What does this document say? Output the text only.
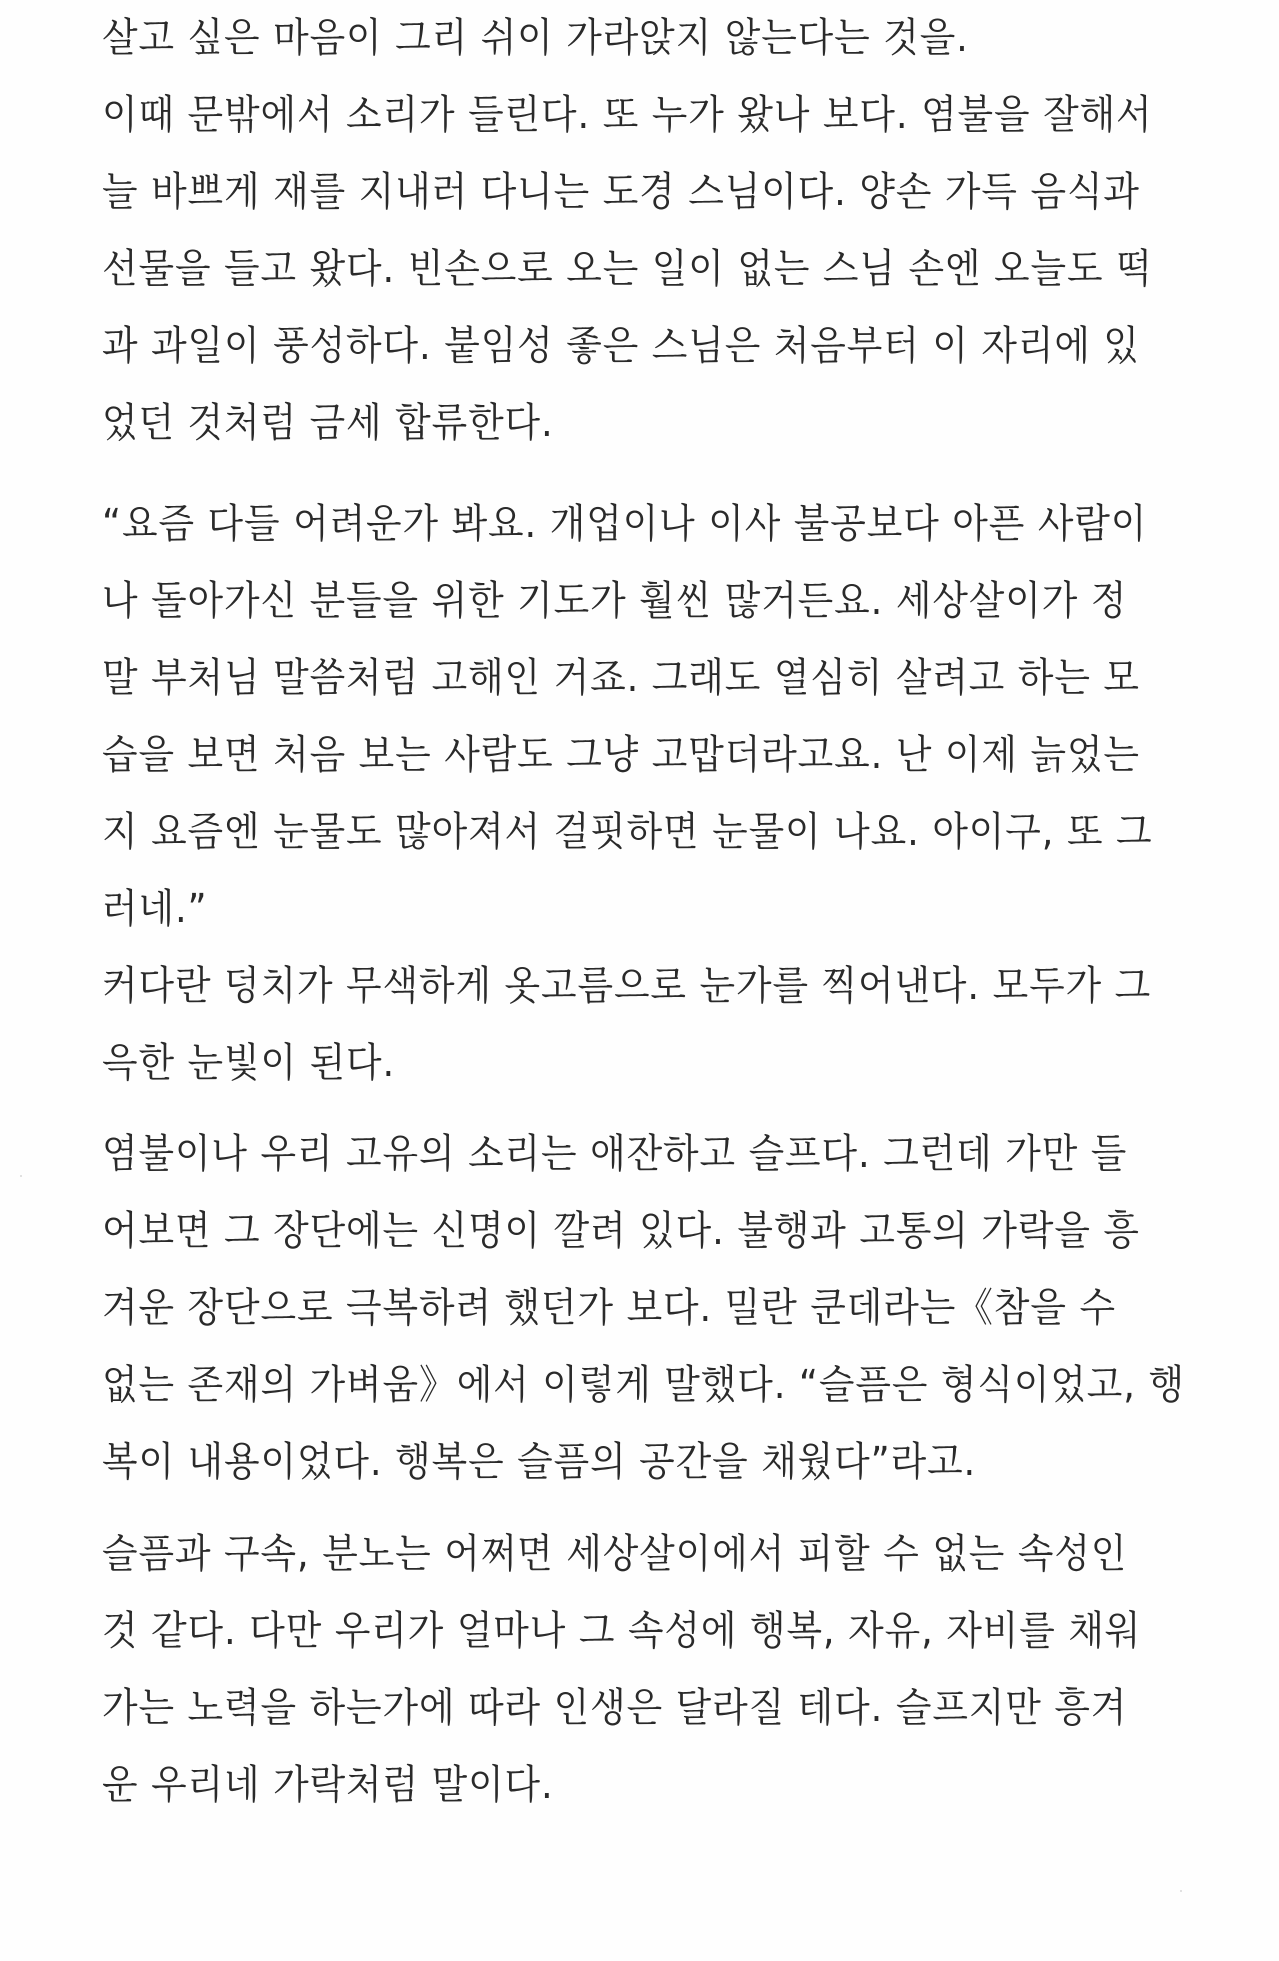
살고 싶은 마음이 그리 쉬이 가라앉지 않는다는 것을.
이때 문밖에서 소리가 들린다. 또 누가 왔나 보다. 염불을 잘해서
늘 바쁘게 재를 지내러 다니는 도경 스님이다. 양손 가득 음식과
선물을 들고 왔다. 빈손으로 오는 일이 없는 스님 손엔 오늘도 떡
과 과일이 풍성하다. 붙임성 좋은 스님은 처음부터 이 자리에 있
었던 것처럼 금세 합류한다.
“요즘 다들 어려운가 봐요. 개업이나 이사 불공보다 아픈 사람이
나 돌아가신 분들을 위한 기도가 훨씬 많거든요. 세상살이가 정
말 부처님 말씀처럼 고해인 거죠. 그래도 열심히 살려고 하는 모
습을 보면 처음 보는 사람도 그냥 고맙더라고요. 난 이제 늙었는
지 요즘엔 눈물도 많아져서 걸핏하면 눈물이 나요. 아이구, 또 그
러네.”
커다란 덩치가 무색하게 옷고름으로 눈가를 찍어낸다. 모두가 그
윽한 눈빛이 된다.
염불이나 우리 고유의 소리는 애잔하고 슬프다. 그런데 가만 들
어보면 그 장단에는 신명이 깔려 있다. 불행과 고통의 가락을 흥
겨운 장단으로 극복하려 했던가 보다. 밀란 쿤데라는《참을 수
없는 존재의 가벼움》에서 이렇게 말했다. “슬픔은 형식이었고, 행
복이 내용이었다. 행복은 슬픔의 공간을 채웠다”라고.
슬픔과 구속, 분노는 어쩌면 세상살이에서 피할 수 없는 속성인
것 같다. 다만 우리가 얼마나 그 속성에 행복, 자유, 자비를 채워
가는 노력을 하는가에 따라 인생은 달라질 테다. 슬프지만 흥겨
운 우리네 가락처럼 말이다.
